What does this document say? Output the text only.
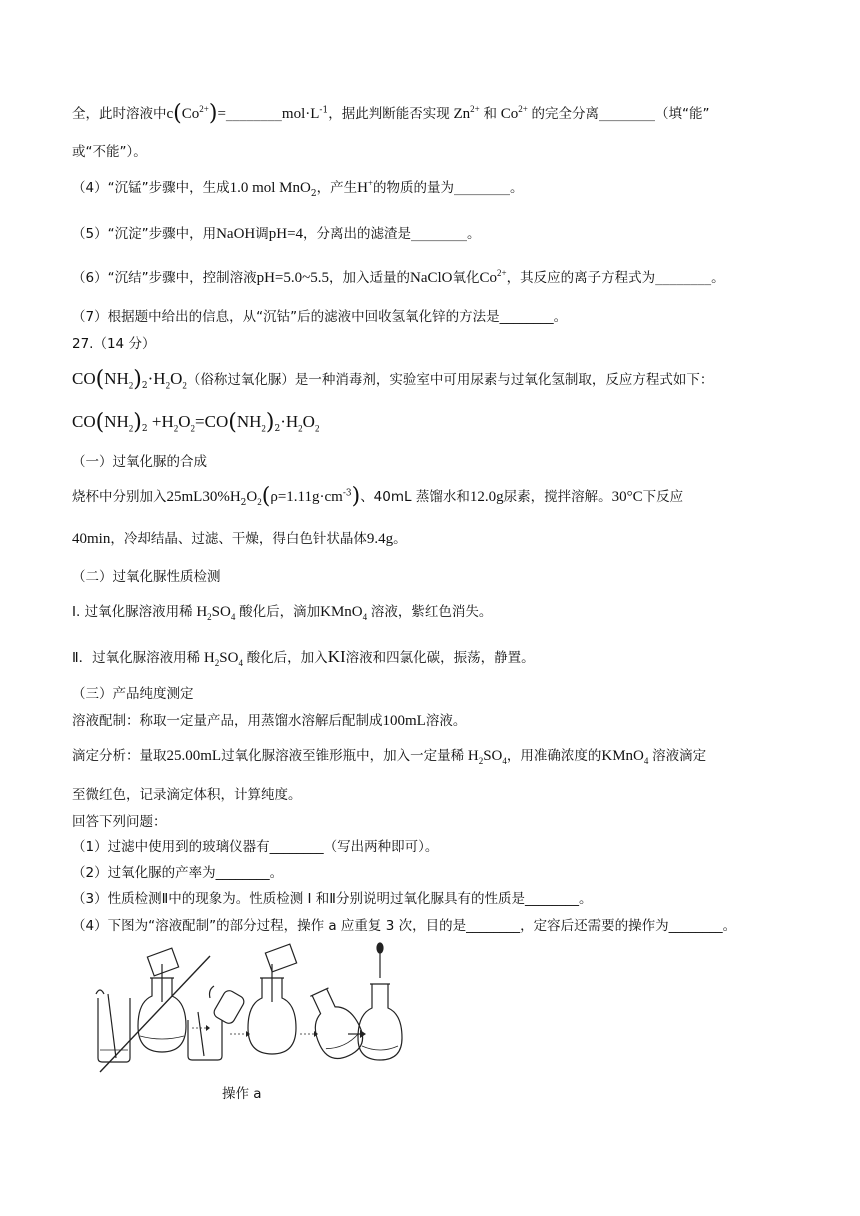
全，此时溶液中$c(Co^{2+})=\_\_\_\_\_\_\_\_mol\cdot L^{-1}$，据此判断能否实现 $Zn^{2+}$ 和 $Co^{2+}$ 的完全分离________（填“能”
或“不能”）。
（4）“沉锰”步骤中，生成1.0 mol MnO$_2$，产生H+的物质的量为________。
（5）“沉淀”步骤中，用NaOH调pH=4，分离出的滤渣是________。
（6）“沉结”步骤中，控制溶液pH=5.0~5.5，加入适量的NaClO氧化$Co^{2+}$，其反应的离子方程式为________。
（7）根据题中给出的信息，从“沉钴”后的滤液中回收氢氧化锌的方法是________。
27.（14 分）
$CO(NH_2)_2\cdot H_2O_2$（俗称过氧化脲）是一种消毒剂，实验室中可用尿素与过氧化氢制取，反应方程式如下：
$CO(NH_2)_2 +H_2O_2=CO(NH_2)_2\cdot H_2O_2$
（一）过氧化脲的合成
烧杯中分别加入$25mL30\%H_2O_2(\rho=1.11g\cdot cm^{-3})$、40mL 蒸馏水和12.0g尿素，搅拌溶解。30°C下反应
40min，冷却结晶、过滤、干燥，得白色针状晶体9.4g。
（二）过氧化脲性质检测
I. 过氧化脲溶液用稀 $H_2SO_4$ 酸化后，滴加KMnO$_4$ 溶液，紫红色消失。
Ⅱ．过氧化脲溶液用稀 $H_2SO_4$ 酸化后，加入KI溶液和四氯化碳，振荡，静置。
（三）产品纯度测定
溶液配制：称取一定量产品，用蒸馏水溶解后配制成100mL溶液。
滴定分析：量取25.00mL过氧化脲溶液至锥形瓶中，加入一定量稀 $H_2SO_4$，用准确浓度的KMnO$_4$ 溶液滴定
至微红色，记录滴定体积，计算纯度。
回答下列问题：
（1）过滤中使用到的玻璃仪器有________（写出两种即可）。
（2）过氧化脲的产率为________。
（3）性质检测Ⅱ中的现象为。性质检测 I 和Ⅱ分别说明过氧化脲具有的性质是________。
（4）下图为“溶液配制”的部分过程，操作 a 应重复 3 次，目的是________，定容后还需要的操作为________。
操作 a
